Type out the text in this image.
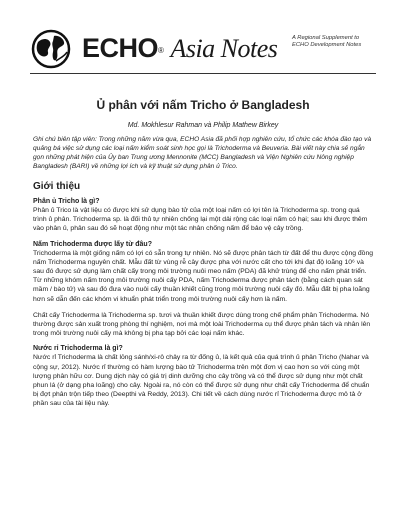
ECHO® Asia Notes	A Regional Supplement to ECHO Development Notes
Ủ phân với nấm Tricho ở Bangladesh
Md. Mokhlesur Rahman và Philip Mathew Birkey
Ghi chú biên tập viên: Trong những năm vừa qua, ECHO Asia đã phối hợp nghiên cứu, tổ chức các khóa đào tạo và quảng bá việc sử dụng các loại nấm kiểm soát sinh học gọi là Trichoderma và Beuveria. Bài viết này chia sẻ ngắn gọn những phát hiện của Ủy ban Trung ương Mennonite (MCC) Bangladesh và Viện Nghiên cứu Nông nghiệp Bangladesh (BARI) về những lợi ích và kỹ thuật sử dụng phân ủ Trico.
Giới thiệu
Phân ủ Tricho là gì?

Phân ủ Trico là vật liệu có được khi sử dụng bào tử của một loại nấm có lợi tên là Trichoderma sp. trong quá trình ủ phân. Trichoderma sp. là đối thủ tự nhiên chống lại một dải rộng các loại nấm có hại; sau khi được thêm vào phân ủ, phân sau đó sẽ hoạt động như một tác nhân chống nấm để bảo vệ cây trồng.

Nấm Trichoderma được lấy từ đâu?

Trichoderma là một giống nấm có lợi có sẵn trong tự nhiên. Nó sẽ được phân tách từ đất để thu được cộng đồng nấm Trichoderma nguyên chất. Mẫu đất từ vùng rễ cây được pha với nước cất cho tới khi đạt độ loãng 10⁶ và sau đó được sử dụng làm chất cấy trong môi trường nuôi meo nấm (PDA) đã khử trùng để cho nấm phát triển. Từ những khóm nấm trong môi trường nuôi cấy PDA, nấm Trichoderma được phân tách (bằng cách quan sát mầm / bào tử) và sau đó đưa vào nuôi cấy thuần khiết cũng trong môi trường nuôi cấy đó. Mẫu đất bị pha loãng hơn sẽ dẫn đến các khóm vi khuẩn phát triển trong môi trường nuôi cấy hơn là nấm.

Chất cấy Trichoderma là Trichoderma sp. tươi và thuần khiết được dùng trong chế phẩm phân Trichoderma. Nó thường được sản xuất trong phòng thí nghiệm, nơi mà một loài Trichoderma cụ thể được phân tách và nhân lên trong môi trường nuôi cấy mà không bị pha tạp bởi các loại nấm khác.

Nước rỉ Trichoderma là gì?

Nước rỉ Trichoderma là chất lỏng sánh/xi-rô chảy ra từ đống ủ, là kết quả của quá trình ủ phân Tricho (Nahar và cộng sự, 2012). Nước rỉ thường có hàm lượng bào tử Trichoderma trên một đơn vị cao hơn so với cùng một lượng phân hữu cơ. Dung dịch này có giá trị dinh dưỡng cho cây trồng và có thể được sử dụng như một chất phun lá (ở dạng pha loãng) cho cây. Ngoài ra, nó còn có thể được sử dụng như chất cấy Trichoderma để chuẩn bị đợt phân trộn tiếp theo (Deepthi và Reddy, 2013). Chi tiết về cách dùng nước rỉ Trichoderma được mô tả ở phần sau của tài liệu này.
